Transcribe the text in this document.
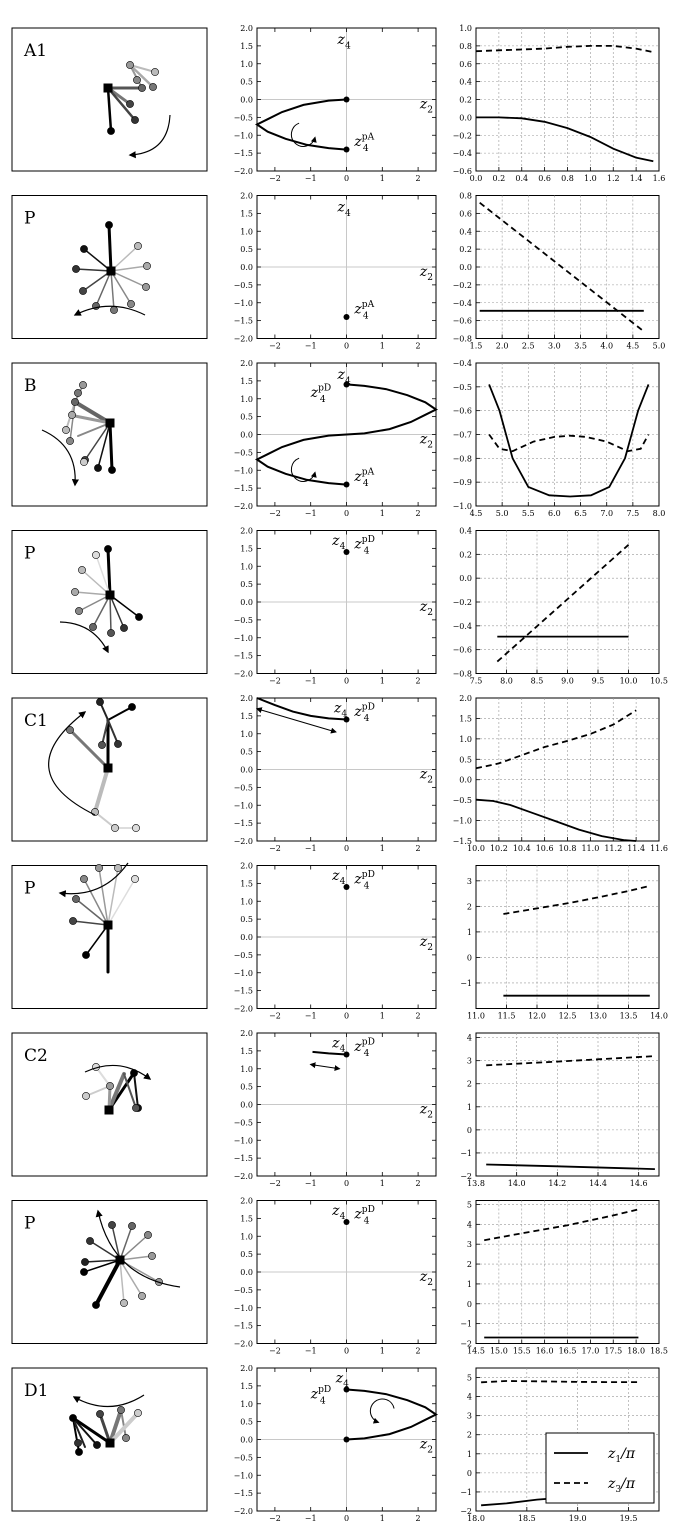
A1
−2	−1	0	1	2
2.0
1.5
1.0
0.5
0.0
−0.5
−1.0
−1.5
−2.0
$z_4$
$z_2$
$z^{pA}$ 4
0.0 0.2 0.4 0.6 0.8 1.0 1.2 1.4 1.6
1.0
0.8
0.6
0.4
0.2
0.0
−0.2
−0.4
−0.6
P
−2	−1	0	1	2
2.0
1.5
1.0
0.5
0.0
−0.5
−1.0
−1.5
−2.0
$z_4$
$z_2$
$z^{pA}$ 4
1.5 2.0 2.5 3.0 3.5 4.0 4.5 5.0
0.8
0.6
0.4
0.2
0.0
−0.2
−0.4
−0.6
−0.8
B
−2	−1	0	1	2
2.0
1.5
1.0
0.5
0.0
−0.5
−1.0
−1.5
−2.0
$z_4$
$z_2$
$z^{pA}$ 4
$z^{pD}$ 4
4.5 5.0 5.5 6.0 6.5 7.0 7.5 8.0
−0.4
−0.5
−0.6
−0.7
−0.8
−0.9
−1.0
P
−2	−1	0	1	2
2.0
1.5
1.0
0.5
0.0
−0.5
−1.0
−1.5
−2.0
$z_4$
$z_2$
$z^{pD}$ 4
7.5 8.0 8.5 9.0 9.5 10.0 10.5
0.4
0.2
0.0
−0.2
−0.4
−0.6
−0.8
C1
−2	−1	0	1	2
2.0
1.5
1.0
0.5
0.0
−0.5
−1.0
−1.5
−2.0
$z_4$
$z_2$
$z^{pD}$ 4
10.0 10.2 10.4 10.6 10.8 11.0 11.2 11.4 11.6
2.0
1.5
1.0
0.5
0.0
−0.5
−1.0
−1.5
P
−2	−1	0	1	2
2.0
1.5
1.0
0.5
0.0
−0.5
−1.0
−1.5
−2.0
$z_4$
$z_2$
$z^{pD}$ 4
11.0 11.5 12.0 12.5 13.0 13.5 14.0
3
2
1
0
−1
C2
−2	−1	0	1	2
2.0
1.5
1.0
0.5
0.0
−0.5
−1.0
−1.5
−2.0
$z_4$
$z_2$
$z^{pD}$ 4
13.8	14.0	14.2	14.4	14.6
4
3
2
1
0
−1
−2
P
−2	−1	0	1	2
2.0
1.5
1.0
0.5
0.0
−0.5
−1.0
−1.5
−2.0
$z_4$
$z_2$
$z^{pD}$ 4
14.5 15.0 15.5 16.0 16.5 17.0 17.5 18.0 18.5
5
4
3
2
1
0
−1
−2
D1
−2	−1	0	1	2
2.0
1.5
1.0
0.5
0.0
−0.5
−1.0
−1.5
−2.0
$z_4$
$z_2$
$z^{pD}$ 4
18.0	18.5	19.0	19.5
5
4
3
2
1
0
−1
−2
$z_1/\pi$
$z_3/\pi$
